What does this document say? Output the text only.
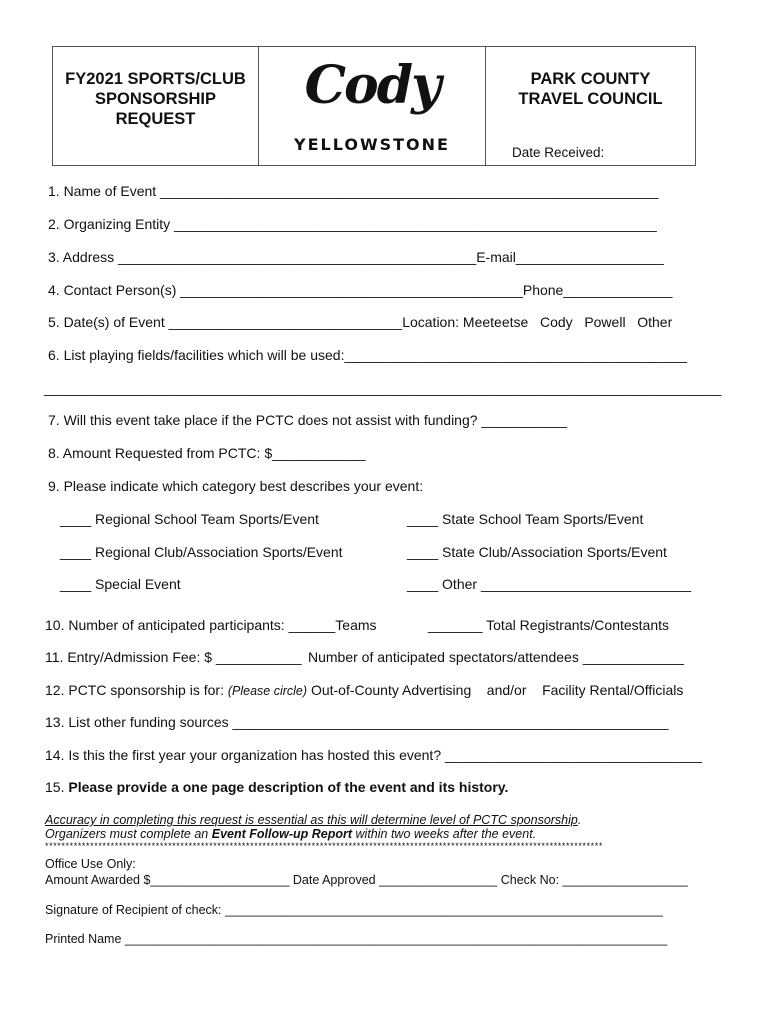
FY2021 SPORTS/CLUB
SPONSORSHIP
REQUEST
Cody
YELLOWSTONE
PARK COUNTY
TRAVEL COUNCIL
Date Received:
1. Name of Event ________________________________________________________________
2. Organizing Entity ______________________________________________________________
3. Address ______________________________________________E-mail___________________
4. Contact Person(s) ____________________________________________Phone______________
5. Date(s) of Event ______________________________Location: Meeteetse Cody Powell Other
6. List playing fields/facilities which will be used:____________________________________________
_______________________________________________________________________________________
7. Will this event take place if the PCTC does not assist with funding? ___________
8. Amount Requested from PCTC: $____________
9. Please indicate which category best describes your event:
____ Regional School Team Sports/Event	____ State School Team Sports/Event
____ Regional Club/Association Sports/Event	____ State Club/Association Sports/Event
____ Special Event	____ Other ___________________________
10. Number of anticipated participants: ______Teams	_______ Total Registrants/Contestants
11. Entry/Admission Fee: $ ___________ Number of anticipated spectators/attendees _____________
12. PCTC sponsorship is for: (Please circle) Out-of-County Advertising and/or Facility Rental/Officials
13. List other funding sources ________________________________________________________
14. Is this the first year your organization has hosted this event? _________________________________
15. Please provide a one page description of the event and its history.
Accuracy in completing this request is essential as this will determine level of PCTC sponsorship.
Organizers must complete an Event Follow-up Report within two weeks after the event.
****************************************************************************************************************************************
Office Use Only:
Amount Awarded $____________________ Date Approved _________________ Check No: __________________
Signature of Recipient of check: _______________________________________________________________
Printed Name ______________________________________________________________________________
